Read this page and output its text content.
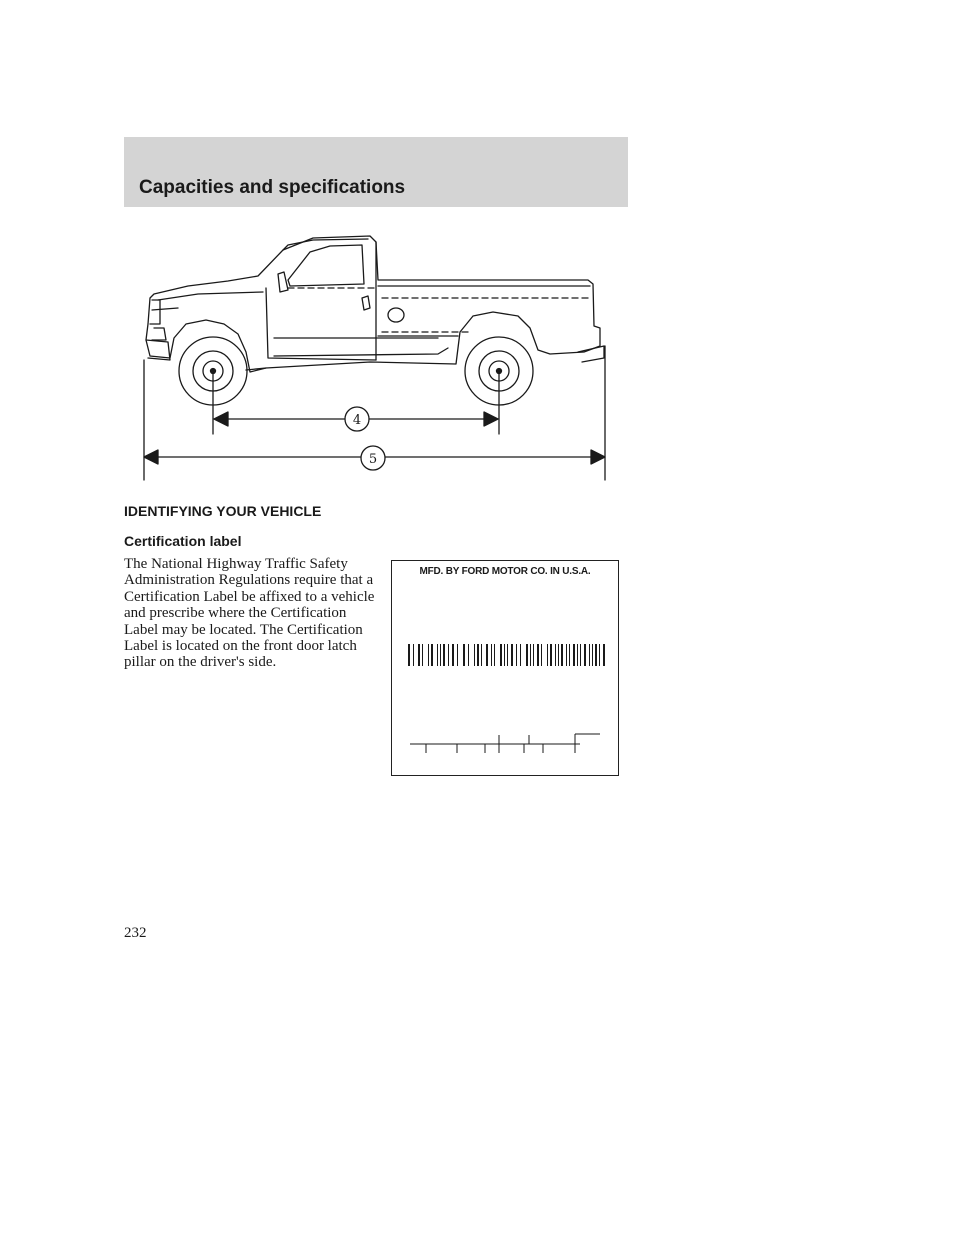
Capacities and specifications
4
5
IDENTIFYING YOUR VEHICLE
Certification label

The National Highway Traffic Safety Administration Regulations require that a Certification Label be affixed to a vehicle and prescribe where the Certification Label may be located. The Certification Label is located on the front door latch pillar on the driver's side.

MFD. BY FORD MOTOR CO. IN U.S.A.

232
